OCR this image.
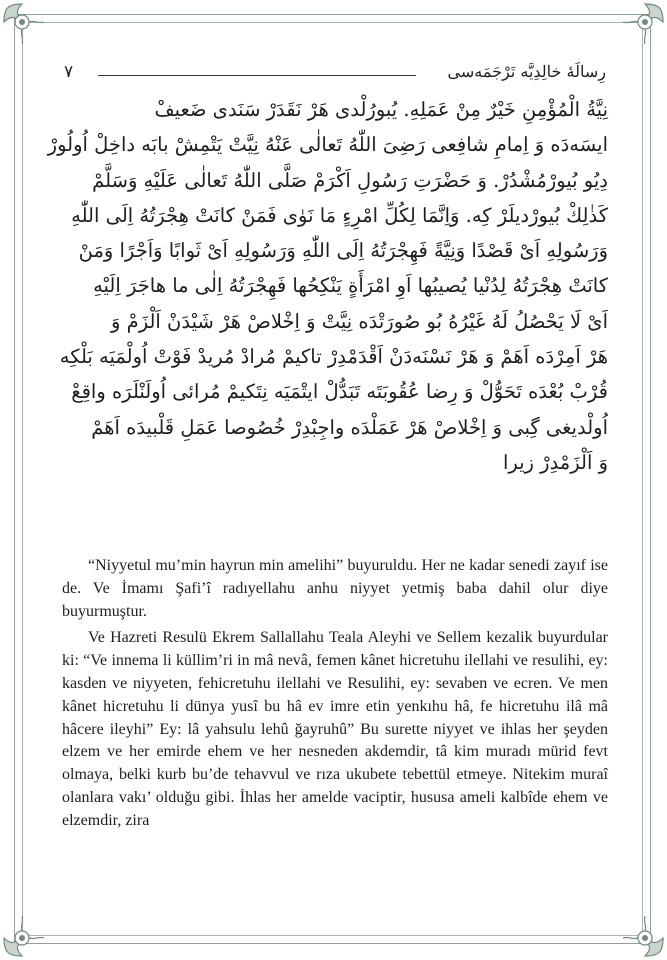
رِسالَهٔ خالِدِيَّه تَرْجَمَه‌سى
٧

نِيَّةُ الْمُؤْمِنِ خَيْرٌ مِنْ عَمَلِهِ. يُبورُلْدى هَرْ نَقَدَرْ سَنَدى ضَعيفْ

ايسَه‌دَه وَ اِمامِ شافِعى رَضِىَ اللّٰهُ تَعالٰى عَنْهُ نِيَّتْ يَتْمِشْ بابَه داخِلْ اُولُورْ

دِيُو بُيورْمُشْدُرْ. وَ حَضْرَتِ رَسُولِ اَكْرَمْ صَلَّى اللّٰهُ تَعالٰى عَلَيْهِ وَسَلَّمْ

كَذٰلِكْ بُيورْديلَرْ كِه. وَاِنَّمَا لِكُلِّ امْرِءٍ مَا نَوٰى فَمَنْ كانَتْ هِجْرَتُهُ اِلَى اللّٰهِ

وَرَسُولِهِ اَىْ قَصْدًا وَنِيَّةً فَهِجْرَتُهُ اِلَى اللّٰهِ وَرَسُولِهِ اَىْ ثَوابًا وَاَجْرًا وَمَنْ

كانَتْ هِجْرَتُهُ لِدُنْيا يُصيبُها اَوِ امْرَأَةٍ يَنْكِحُها فَهِجْرَتُهُ اِلٰى ما هاجَرَ اِلَيْهِ

اَىْ لَا يَحْصُلُ لَهُ غَيْرُهُ بُو صُورَتْدَه نِيَّتْ وَ اِخْلاصْ هَرْ شَيْدَنْ اَلْزَمْ وَ

هَرْ اَمِرْدَه اَهَمْ وَ هَرْ نَسْنَه‌دَنْ اَقْدَمْدِرْ تاكيمْ مُرادْ مُريدْ فَوْتْ اُولْمَيَه بَلْكِه

قُرْبْ بُعْدَه تَحَوُّلْ وَ رِضا عُقُوبَتَه تَبَدُّلْ ايتْمَيَه نِتَكيمْ مُرائى اُولَنْلَرَه واقِعْ

اُولْديغى گِبى وَ اِخْلاصْ هَرْ عَمَلْدَه واجِبْدِرْ خُصُوصا عَمَلِ قَلْبيدَه اَهَمْ

وَ اَلْزَمْدِرْ زيرا

“Niyyetul mu’min hayrun min amelihi” buyuruldu. Her ne kadar senedi zayıf ise de. Ve İmamı Şafi’î radıyellahu anhu niyyet yetmiş baba dahil olur diye buyurmuştur.

Ve Hazreti Resulü Ekrem Sallallahu Teala Aleyhi ve Sellem kezalik buyurdular ki: “Ve innema li küllim’ri in mâ nevâ, femen kânet hicretuhu ilellahi ve resulihi, ey: kasden ve niyyeten, fehicretuhu ilellahi ve Resulihi, ey: sevaben ve ecren. Ve men kânet hicretuhu li dünya yusî bu hâ ev imre etin yenkıhu hâ, fe hicretuhu ilâ mâ hâcere ileyhi” Ey: lâ yahsulu lehû ğayruhû” Bu surette niyyet ve ihlas her şeyden elzem ve her emirde ehem ve her nesneden akdemdir, tâ kim muradı mürid fevt olmaya, belki kurb bu’de tehavvul ve rıza ukubete tebettül etmeye. Nitekim muraî olanlara vakı’ olduğu gibi. İhlas her amelde vaciptir, hususa ameli kalbîde ehem ve elzemdir, zira
